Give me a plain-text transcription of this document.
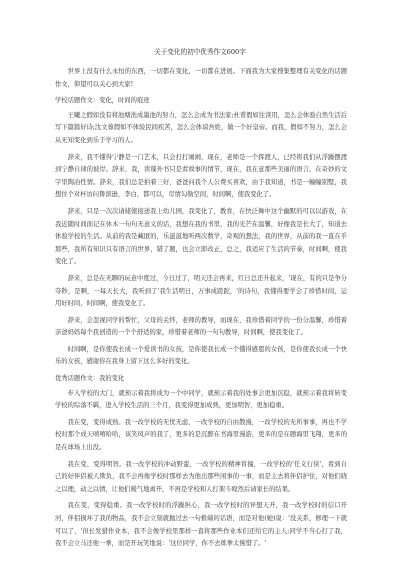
关于变化的初中优秀作文600字

世界上没有什么永恒的东西，一切都在变化，一切都在进展。下面我为大家搜集整理有关变化的话题作文，仰望可以关心到大家!

学校话题作文：变化，时间的痕迹

王曦之假如没有将池塘洗成墨池的努力，怎么会成为书法家;杜甫假如往读用，怎么会体验自然生活后写下篇篇好诗;沈文蓉假如不体验民间疾苦，怎么会体谅吾姓，做一个好皇帝。而我，假如不努力，怎么会从无知变化到乐于学习的人。

辞来，我不懂得宁静是一门艺术，只会打打闹闹，现在，老师是一个挥渡人，已经将我们从浮躁摆渡到宁静自律的彼岸。辞来，我，读谍外书只是看故事的情节，现在，我在意那些美丽的语言，在奇妙的文字里陶冶性情。辞来，我们总是拍着三好，爸爸问我个人公费买喜欢，由于我知道，书是一幢幢别墅，我想住个对杯访问鲁滨逊，李白，都可以，尽情勾勒空间，时间啊，使我变化了。

辞来，只是一次次请姥姥接送我上幼儿园，我变化了，教育，在快泛舞中这个幽默的可以以游戏，在我近随时间面记在休木一句句无意义的话，我想在我的书里，我的光芒在温馨，好像我是长大了，知道去体验学校的生活。从前的我是藏匿的，乐滋滋地听两次数学，奇观的想法，我的世界，从前的我一直在乎那些，我所有知识只有语言的世界，错了题，也会立即改正，总之，我适应了生活的节奏，时间啊，使我变化了。

辞来，总是在无聊的玩意中度过，今日过了，明天还会再来，红日总还升起来，'现在，有的只是争分夺秒，是啊，一每天长大，我听到了'我生活明日，万事成蹉跎，'的诗句，我懂得要学会了珍惜时间，运用好时间，时间啊，使我变化了。

辞来，会忽视同学的帮忙，父母的关怀，老师的教导，而现在，我珍惜着同学的一份分温馨，珍惜着亲爸妈妈每个我创造的一个个舒适的家，珍惜着老师的一句句教导，时间啊，使我变化了。

时间啊，是你使我长成一个爱读书的女孩，是你使我长成一个懂得感恩的女孩，是你使我长成一个快乐的女孩，感谢你在我身上留下这么多好的变化。

优秀话题作文：我的变化

步入学校的大门，就预示着我将成为一个中同学，就预示着我的处事会更加沉稳，就预示着我将转变学校的综落不羁，进入学校生活的三个月，我变得更加成熟，更加明智，更加稳重。

我在变，变得成熟。我一改学校的无忧无虑，一改学校的自由散漫，一改学校的无所事事，再也不学校时那个成天嘻嘻哈哈，该笑风声的我了，更多的是沉醉在书海里漫游，更多的是在题海里飞翔，更多的是在球场上出没。

我在变，变得明智。我一改学校的冲动野蛮，一改学校的精神盲撞，一改学校的'任义行侠'，看到自己的好伴侣被人欺负，我不会再像学校时那样去为他出那些闲事的一事，而是主去将伴侣护住，对他们晓之以理，动之以情，让他们暖气地离开，不再是学校和人打架斗殴然后请家长的结果。

我在变，变得稳重。我一改学校时的浮躁担心，我一改学校时的异想天开，我一改学校时的信口开河，伴侣损坏了我的物品，我不会立刻就抛过去一句极端的话语，而是对他(她)说：'没关系，修理一下就可以了，'但长发猎作业本，我不会像学校里那样一直将那些作业本们还给它的主人;同学不当心打了我，我不会立马还他一拳，而是开玩笑地说：'这位同学，你不去练拳太惋惜了。'
